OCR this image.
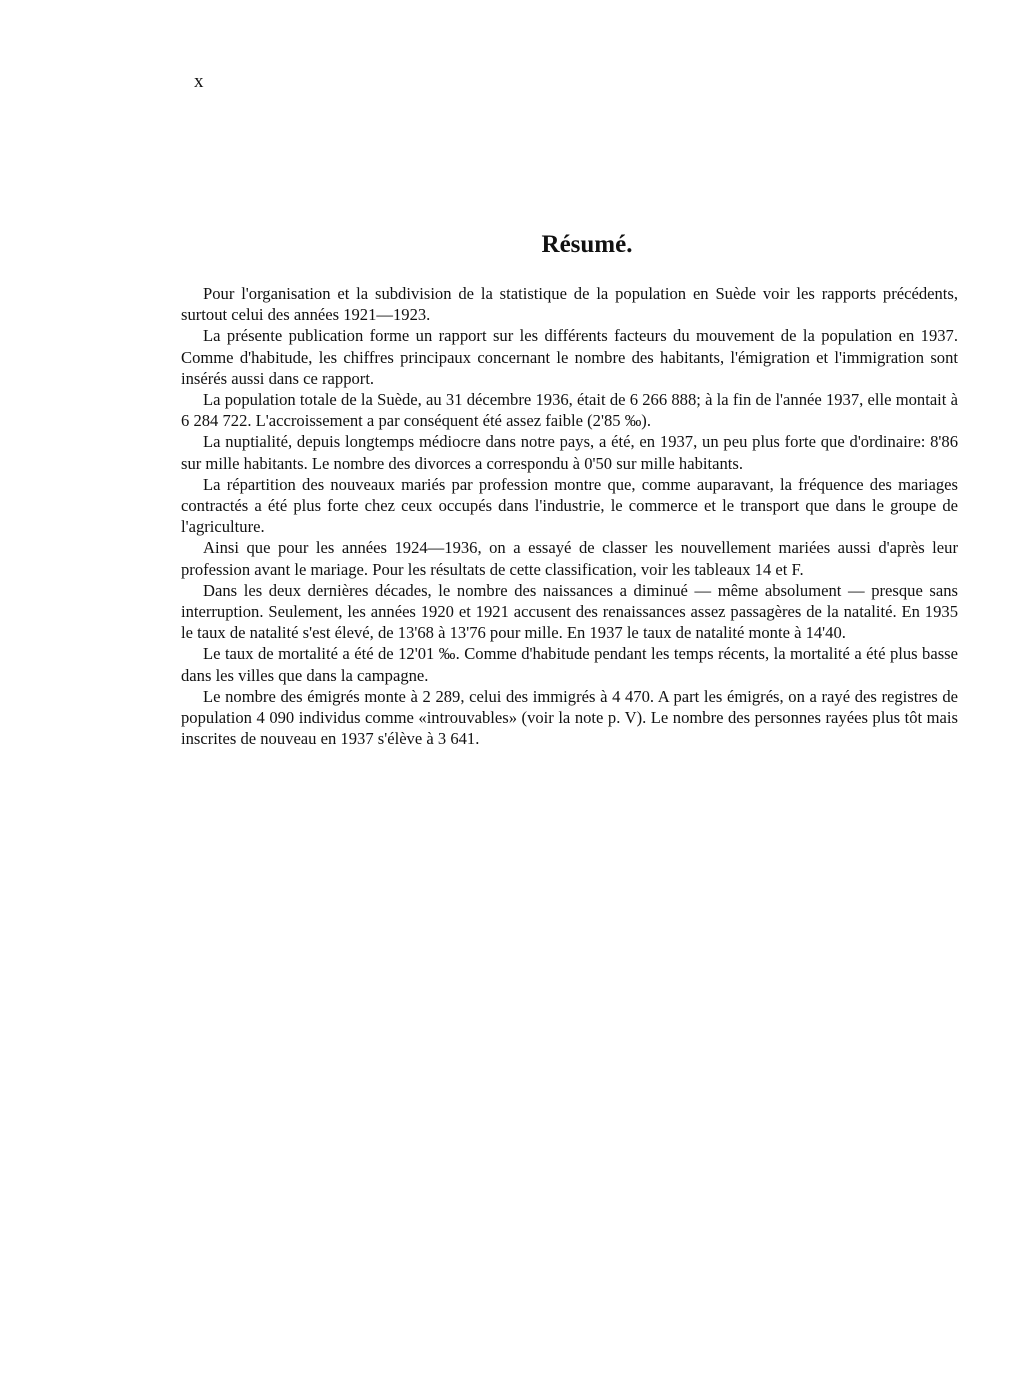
x
Résumé.

Pour l'organisation et la subdivision de la statistique de la population en Suède voir les rapports précédents, surtout celui des années 1921—1923.

La présente publication forme un rapport sur les différents facteurs du mouvement de la population en 1937. Comme d'habitude, les chiffres principaux concernant le nombre des habitants, l'émigration et l'immigration sont insérés aussi dans ce rapport.

La population totale de la Suède, au 31 décembre 1936, était de 6 266 888; à la fin de l'année 1937, elle montait à 6 284 722. L'accroissement a par conséquent été assez faible (2'85 ‰).

La nuptialité, depuis longtemps médiocre dans notre pays, a été, en 1937, un peu plus forte que d'ordinaire: 8'86 sur mille habitants. Le nombre des divorces a correspondu à 0'50 sur mille habitants.

La répartition des nouveaux mariés par profession montre que, comme auparavant, la fréquence des mariages contractés a été plus forte chez ceux occupés dans l'industrie, le commerce et le transport que dans le groupe de l'agriculture.

Ainsi que pour les années 1924—1936, on a essayé de classer les nouvellement mariées aussi d'après leur profession avant le mariage. Pour les résultats de cette classification, voir les tableaux 14 et F.

Dans les deux dernières décades, le nombre des naissances a diminué — même absolument — presque sans interruption. Seulement, les années 1920 et 1921 accusent des renaissances assez passagères de la natalité. En 1935 le taux de natalité s'est élevé, de 13'68 à 13'76 pour mille. En 1937 le taux de natalité monte à 14'40.

Le taux de mortalité a été de 12'01 ‰. Comme d'habitude pendant les temps récents, la mortalité a été plus basse dans les villes que dans la campagne.

Le nombre des émigrés monte à 2 289, celui des immigrés à 4 470. A part les émigrés, on a rayé des registres de population 4 090 individus comme «introuvables» (voir la note p. V). Le nombre des personnes rayées plus tôt mais inscrites de nouveau en 1937 s'élève à 3 641.
